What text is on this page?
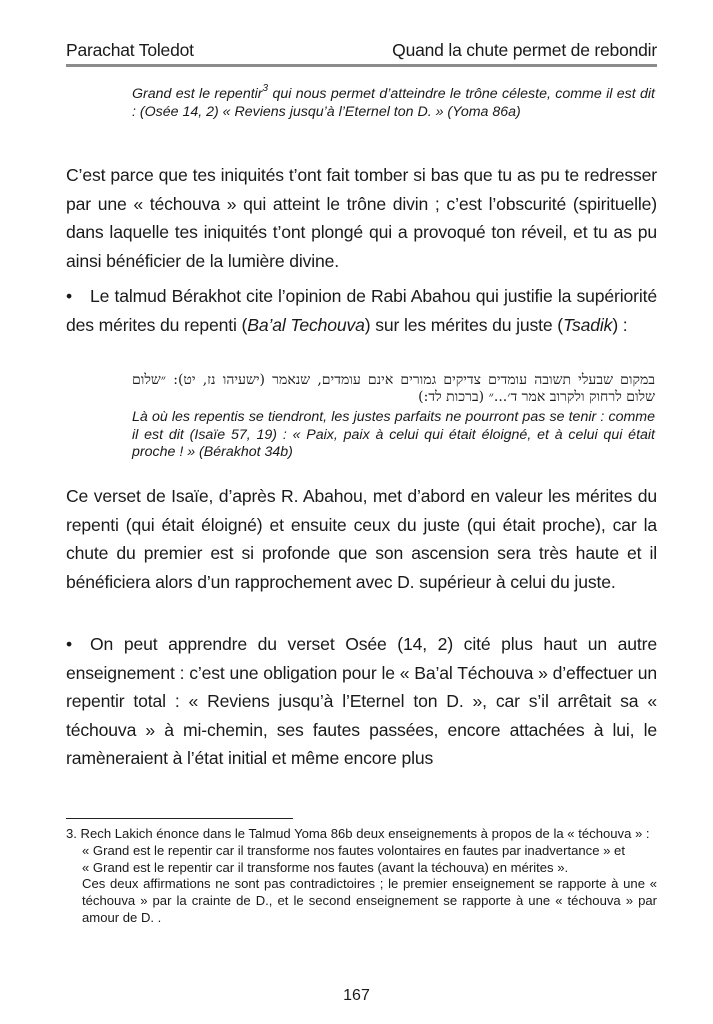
Parachat Toledot	Quand la chute permet de rebondir
Grand est le repentir$^3$ qui nous permet d’atteindre le trône céleste, comme il est dit : (Osée 14, 2) « Reviens jusqu’à l’Eternel ton D. » (Yoma 86a)
C’est parce que tes iniquités t’ont fait tomber si bas que tu as pu te redresser par une « téchouva » qui atteint le trône divin ; c’est l’obscurité (spirituelle) dans laquelle tes iniquités t’ont plongé qui a provoqué ton réveil, et tu as pu ainsi bénéficier de la lumière divine.
• Le talmud Bérakhot cite l’opinion de Rabi Abahou qui justifie la supériorité des mérites du repenti (Ba’al Techouva) sur les mérites du juste (Tsadik) :
במקום שבעלי תשובה עומדים צדיקים גמורים אינם עומדים, שנאמר (ישעיהו נז, יט): ״שלום שלום לרחוק ולקרוב אמר ד׳...״ (ברכות לד:)
Là où les repentis se tiendront, les justes parfaits ne pourront pas se tenir : comme il est dit (Isaïe 57, 19) : « Paix, paix à celui qui était éloigné, et à celui qui était proche ! » (Bérakhot 34b)
Ce verset de Isaïe, d’après R. Abahou, met d’abord en valeur les mérites du repenti (qui était éloigné) et ensuite ceux du juste (qui était proche), car la chute du premier est si profonde que son ascension sera très haute et il bénéficiera alors d’un rapprochement avec D. supérieur à celui du juste.
• On peut apprendre du verset Osée (14, 2) cité plus haut un autre enseignement : c’est une obligation pour le « Ba’al Téchouva » d’effectuer un repentir total : « Reviens jusqu’à l’Eternel ton D. », car s’il arrêtait sa « téchouva » à mi-chemin, ses fautes passées, encore attachées à lui, le ramèneraient à l’état initial et même encore plus
3. Rech Lakich énonce dans le Talmud Yoma 86b deux enseignements à propos de la « téchouva » :
« Grand est le repentir car il transforme nos fautes volontaires en fautes par inadvertance » et
« Grand est le repentir car il transforme nos fautes (avant la téchouva) en mérites ».
Ces deux affirmations ne sont pas contradictoires ; le premier enseignement se rapporte à une « téchouva » par la crainte de D., et le second enseignement se rapporte à une « téchouva » par amour de D. .
167
